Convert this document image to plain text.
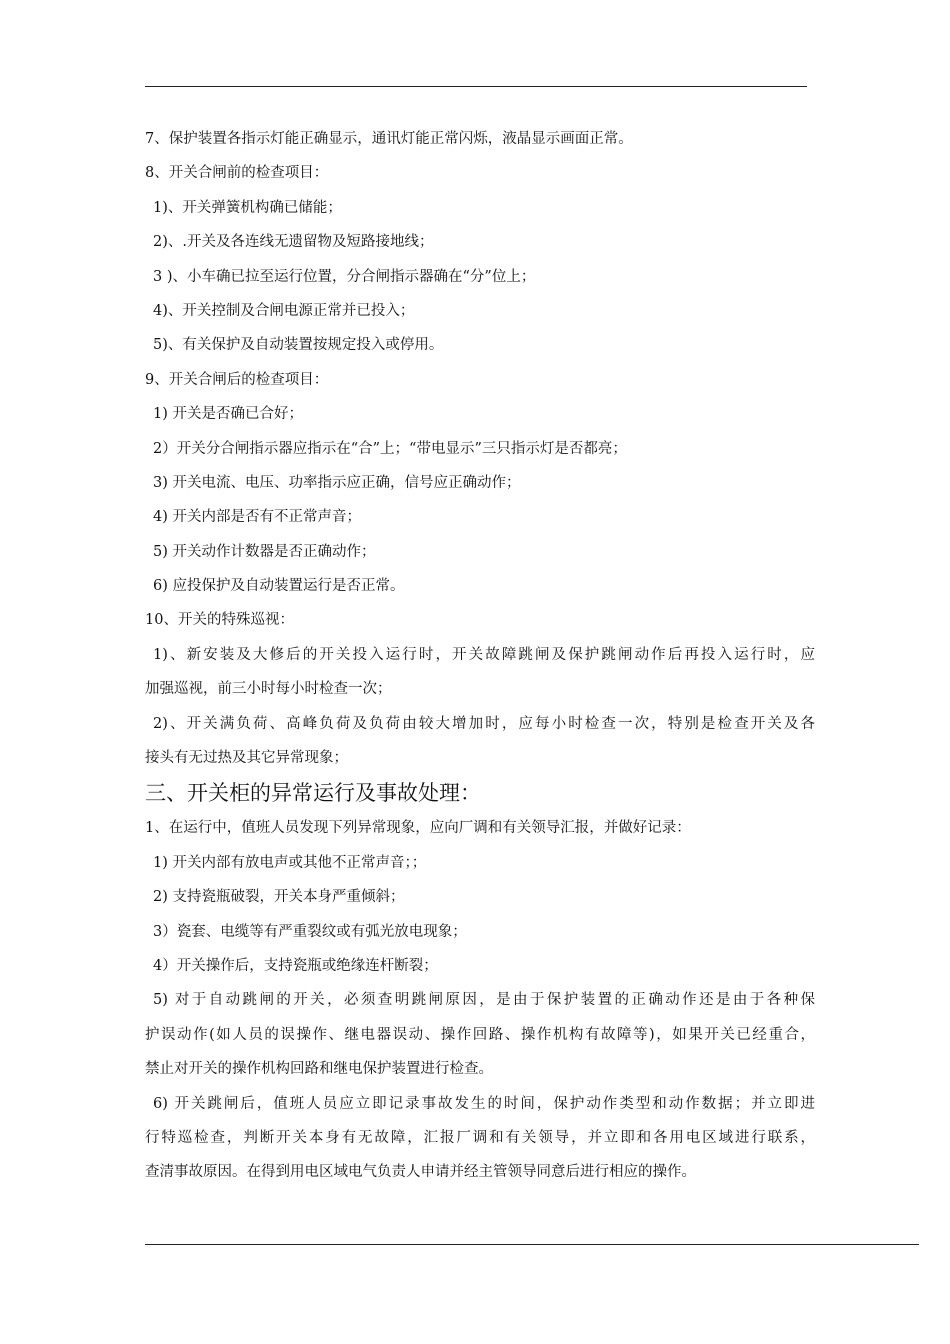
7、保护装置各指示灯能正确显示，通讯灯能正常闪烁，液晶显示画面正常。
8、开关合闸前的检查项目：
1)、开关弹簧机构确已储能；
2)、.开关及各连线无遗留物及短路接地线；
3 )、小车确已拉至运行位置，分合闸指示器确在“分”位上；
4)、开关控制及合闸电源正常并已投入；
5)、有关保护及自动装置按规定投入或停用。
9、开关合闸后的检查项目：
1) 开关是否确已合好；
2）开关分合闸指示器应指示在“合”上；“带电显示”三只指示灯是否都亮；
3) 开关电流、电压、功率指示应正确，信号应正确动作；
4) 开关内部是否有不正常声音；
5) 开关动作计数器是否正确动作；
6) 应投保护及自动装置运行是否正常。
10、开关的特殊巡视：
1)、新安装及大修后的开关投入运行时，开关故障跳闸及保护跳闸动作后再投入运行时，应
加强巡视，前三小时每小时检查一次；
2)、开关满负荷、高峰负荷及负荷由较大增加时，应每小时检查一次，特别是检查开关及各
接头有无过热及其它异常现象；
三、开关柜的异常运行及事故处理：
1、在运行中，值班人员发现下列异常现象，应向厂调和有关领导汇报，并做好记录：
1) 开关内部有放电声或其他不正常声音；；
2) 支持瓷瓶破裂，开关本身严重倾斜；
3）瓷套、电缆等有严重裂纹或有弧光放电现象；
4）开关操作后，支持瓷瓶或绝缘连杆断裂；
5) 对于自动跳闸的开关，必须查明跳闸原因，是由于保护装置的正确动作还是由于各种保
护误动作(如人员的误操作、继电器误动、操作回路、操作机构有故障等)，如果开关已经重合，
禁止对开关的操作机构回路和继电保护装置进行检查。
6) 开关跳闸后，值班人员应立即记录事故发生的时间，保护动作类型和动作数据；并立即进
行特巡检查，判断开关本身有无故障，汇报厂调和有关领导，并立即和各用电区域进行联系，
查清事故原因。在得到用电区域电气负责人申请并经主管领导同意后进行相应的操作。
